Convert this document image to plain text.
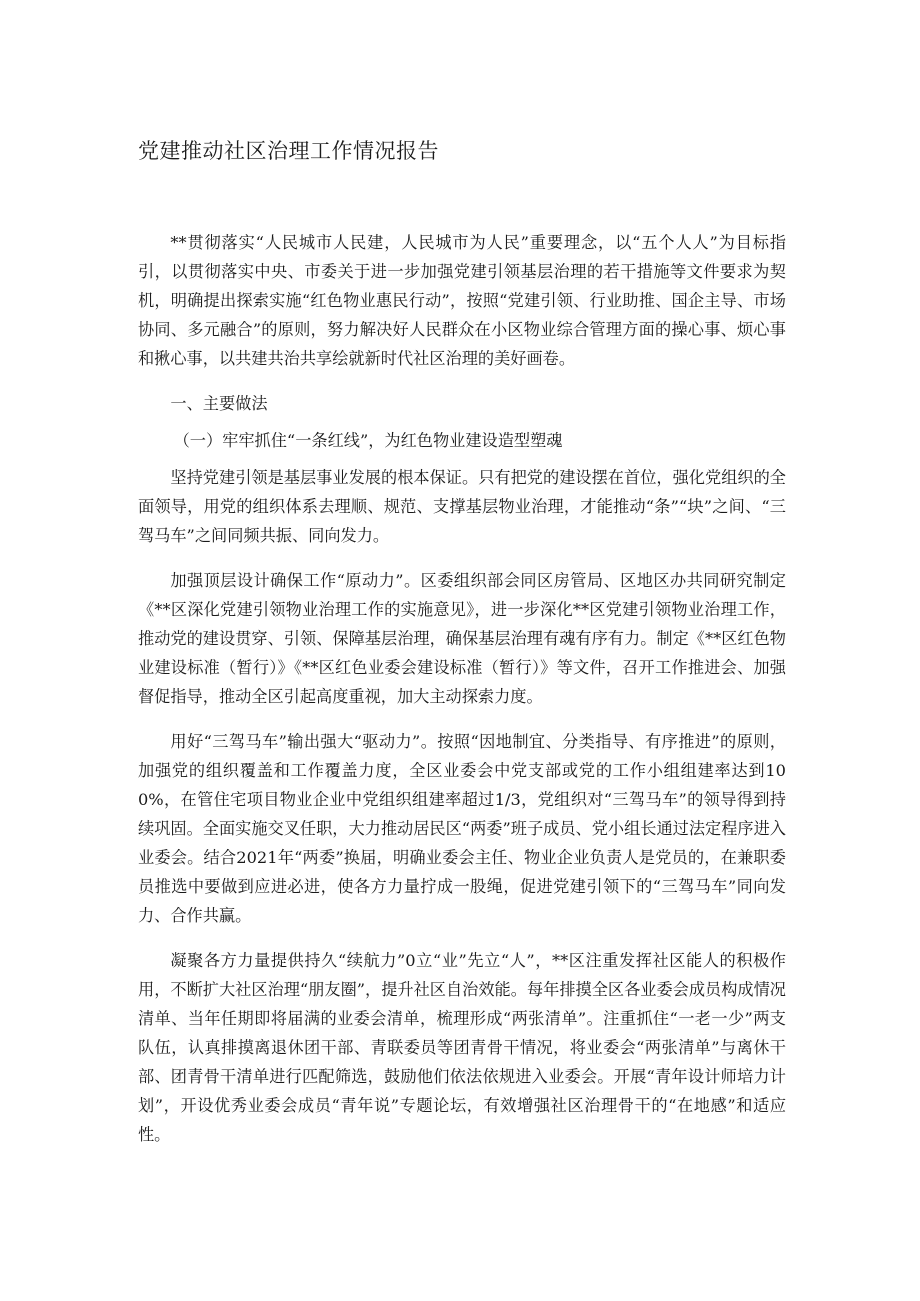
党建推动社区治理工作情况报告

**贯彻落实“人民城市人民建，人民城市为人民”重要理念，以“五个人人”为目标指引，以贯彻落实中央、市委关于进一步加强党建引领基层治理的若干措施等文件要求为契机，明确提出探索实施“红色物业惠民行动”，按照“党建引领、行业助推、国企主导、市场协同、多元融合”的原则，努力解决好人民群众在小区物业综合管理方面的操心事、烦心事和揪心事，以共建共治共享绘就新时代社区治理的美好画卷。

一、主要做法

（一）牢牢抓住“一条红线”，为红色物业建设造型塑魂

坚持党建引领是基层事业发展的根本保证。只有把党的建设摆在首位，强化党组织的全面领导，用党的组织体系去理顺、规范、支撑基层物业治理，才能推动“条”“块”之间、“三驾马车”之间同频共振、同向发力。

加强顶层设计确保工作“原动力”。区委组织部会同区房管局、区地区办共同研究制定《**区深化党建引领物业治理工作的实施意见》，进一步深化**区党建引领物业治理工作，推动党的建设贯穿、引领、保障基层治理，确保基层治理有魂有序有力。制定《**区红色物业建设标准（暂行）》《**区红色业委会建设标准（暂行）》等文件，召开工作推进会、加强督促指导，推动全区引起高度重视，加大主动探索力度。

用好“三驾马车”输出强大“驱动力”。按照“因地制宜、分类指导、有序推进”的原则，加强党的组织覆盖和工作覆盖力度，全区业委会中党支部或党的工作小组组建率达到100%，在管住宅项目物业企业中党组织组建率超过1/3，党组织对“三驾马车”的领导得到持续巩固。全面实施交叉任职，大力推动居民区“两委”班子成员、党小组长通过法定程序进入业委会。结合2021年“两委”换届，明确业委会主任、物业企业负责人是党员的，在兼职委员推选中要做到应进必进，使各方力量拧成一股绳，促进党建引领下的“三驾马车”同向发力、合作共赢。

凝聚各方力量提供持久“续航力”0立“业”先立“人”，**区注重发挥社区能人的积极作用，不断扩大社区治理“朋友圈”，提升社区自治效能。每年排摸全区各业委会成员构成情况清单、当年任期即将届满的业委会清单，梳理形成“两张清单”。注重抓住“一老一少”两支队伍，认真排摸离退休团干部、青联委员等团青骨干情况，将业委会“两张清单”与离休干部、团青骨干清单进行匹配筛选，鼓励他们依法依规进入业委会。开展“青年设计师培力计划”，开设优秀业委会成员“青年说”专题论坛，有效增强社区治理骨干的“在地感”和适应性。
